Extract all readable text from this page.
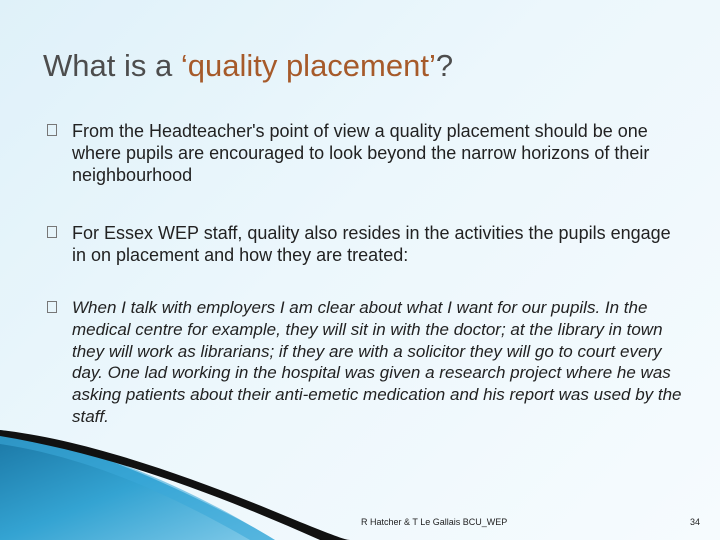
What is a ‘quality placement’?
From the Headteacher's point of view a quality placement should be one where pupils are encouraged to look beyond the narrow horizons of their neighbourhood
For Essex WEP staff, quality also resides in the activities the pupils engage in on placement and how they are treated:
When I talk with employers I am clear about what I want for our pupils. In the medical centre for example, they will sit in with the doctor; at the library in town they will work as librarians; if they are with a solicitor they will go to court every day. One lad working in the hospital was given a research project where he was asking patients about their anti-emetic medication and his report was used by the staff.
R Hatcher & T Le Gallais BCU_WEP	34
